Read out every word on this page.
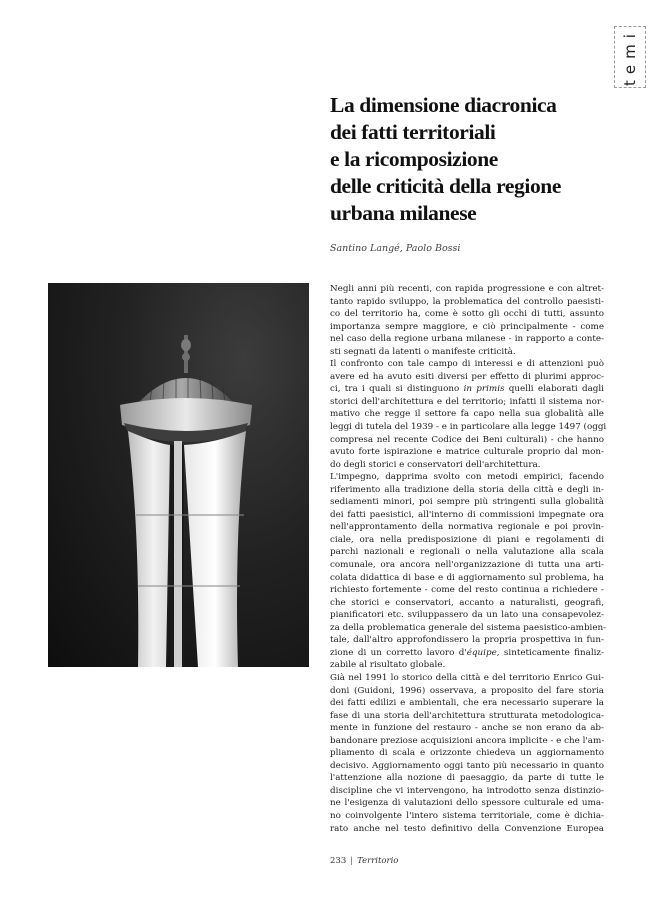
temi
La dimensione diacronica
dei fatti territoriali
e la ricomposizione
delle criticità della regione
urbana milanese
Santino Langé, Paolo Bossi
Negli anni più recenti, con rapida progressione e con altret-
tanto rapido sviluppo, la problematica del controllo paesisti-
co del territorio ha, come è sotto gli occhi di tutti, assunto
importanza sempre maggiore, e ciò principalmente - come
nel caso della regione urbana milanese - in rapporto a conte-
sti segnati da latenti o manifeste criticità.
Il confronto con tale campo di interessi e di attenzioni può
avere ed ha avuto esiti diversi per effetto di plurimi approc-
ci, tra i quali si distinguono in primis quelli elaborati dagli
storici dell'architettura e del territorio; infatti il sistema nor-
mativo che regge il settore fa capo nella sua globalità alle
leggi di tutela del 1939 - e in particolare alla legge 1497 (oggi
compresa nel recente Codice dei Beni culturali) - che hanno
avuto forte ispirazione e matrice culturale proprio dal mon-
do degli storici e conservatori dell'architettura.
L'impegno, dapprima svolto con metodi empirici, facendo
riferimento alla tradizione della storia della città e degli in-
sediamenti minori, poi sempre più stringenti sulla globalità
dei fatti paesistici, all'interno di commissioni impegnate ora
nell'approntamento della normativa regionale e poi provin-
ciale, ora nella predisposizione di piani e regolamenti di
parchi nazionali e regionali o nella valutazione alla scala
comunale, ora ancora nell'organizzazione di tutta una arti-
colata didattica di base e di aggiornamento sul problema, ha
richiesto fortemente - come del resto continua a richiedere -
che storici e conservatori, accanto a naturalisti, geografi,
pianificatori etc. sviluppassero da un lato una consapevolez-
za della problematica generale del sistema paesistico-ambien-
tale, dall'altro approfondissero la propria prospettiva in fun-
zione di un corretto lavoro d'équipe, sinteticamente finaliz-
zabile al risultato globale.
Già nel 1991 lo storico della città e del territorio Enrico Gui-
doni (Guidoni, 1996) osservava, a proposito del fare storia
dei fatti edilizi e ambientali, che era necessario superare la
fase di una storia dell'architettura strutturata metodologica-
mente in funzione del restauro - anche se non erano da ab-
bandonare preziose acquisizioni ancora implicite - e che l'am-
pliamento di scala e orizzonte chiedeva un aggiornamento
decisivo. Aggiornamento oggi tanto più necessario in quanto
l'attenzione alla nozione di paesaggio, da parte di tutte le
discipline che vi intervengono, ha introdotto senza distinzio-
ne l'esigenza di valutazioni dello spessore culturale ed uma-
no coinvolgente l'intero sistema territoriale, come è dichia-
rato anche nel testo definitivo della Convenzione Europea
233 | Territorio
